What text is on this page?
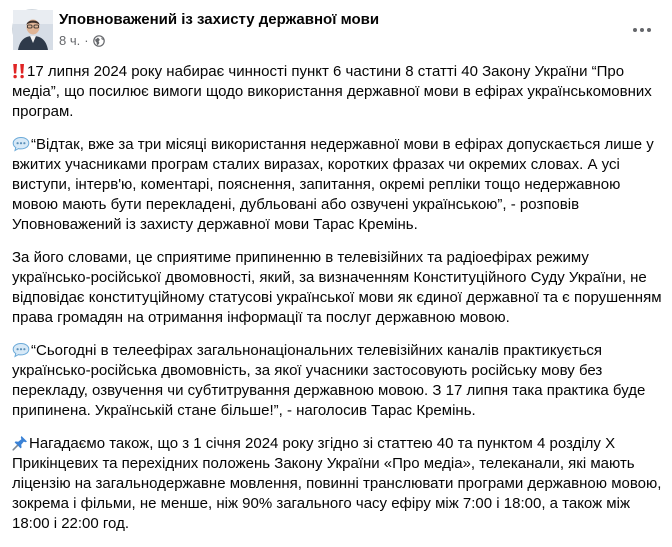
Уповноважений із захисту державної мови
8 ч. ·

17 липня 2024 року набирає чинності пункт 6 частини 8 статті 40 Закону України “Про медіа”, що посилює вимоги щодо використання державної мови в ефірах українськомовних програм.

“Відтак, вже за три місяці використання недержавної мови в ефірах допускається лише у вжитих учасниками програм сталих виразах, коротких фразах чи окремих словах. А усі виступи, інтерв'ю, коментарі, пояснення, запитання, окремі репліки тощо недержавною мовою мають бути перекладені, дубльовані або озвучені українською”, - розповів Уповноважений із захисту державної мови Тарас Кремінь.

За його словами, це сприятиме припиненню в телевізійних та радіоефірах режиму українсько-російської двомовності, який, за визначенням Конституційного Суду України, не відповідає конституційному статусові української мови як єдиної державної та є порушенням права громадян на отримання інформації та послуг державною мовою.

“Сьогодні в телеефірах загальнонаціональних телевізійних каналів практикується українсько-російська двомовність, за якої учасники застосовують російську мову без перекладу, озвучення чи субтитрування державною мовою. З 17 липня така практика буде припинена. Українській стане більше!”, - наголосив Тарас Кремінь.

Нагадаємо також, що з 1 січня 2024 року згідно зі статтею 40 та пунктом 4 розділу Х Прикінцевих та перехідних положень Закону України «Про медіа», телеканали, які мають ліцензію на загальнодержавне мовлення, повинні транслювати програми державною мовою, зокрема і фільми, не менше, ніж 90% загального часу ефіру між 7:00 і 18:00, а також між 18:00 і 22:00 год.
